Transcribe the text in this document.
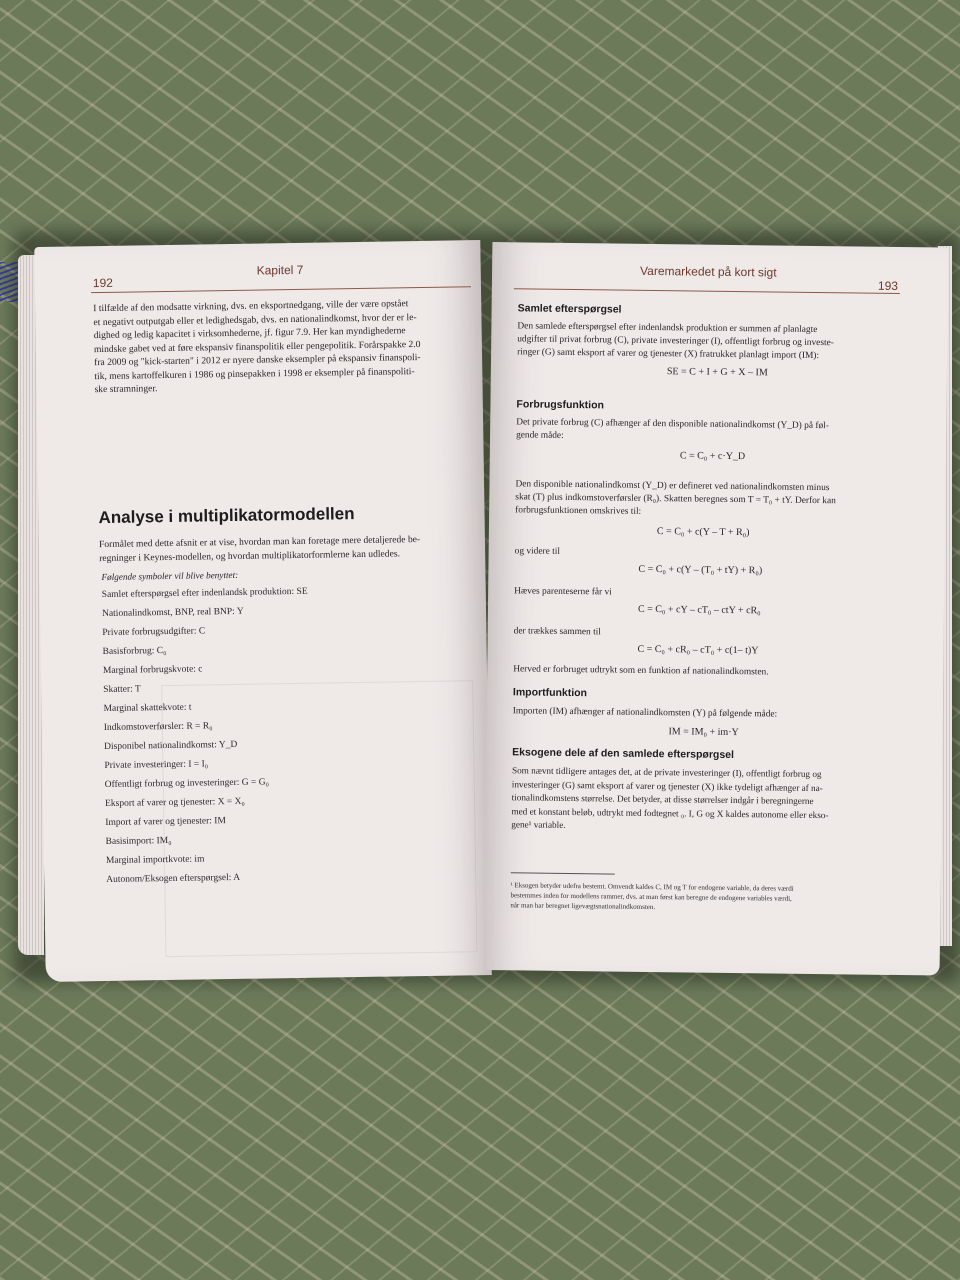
192
Kapitel 7
I tilfælde af den modsatte virkning, dvs. en eksportnedgang, ville der være opstået
et negativt outputgab eller et ledighedsgab, dvs. en nationalindkomst, hvor der er le-
dighed og ledig kapacitet i virksomhederne, jf. figur 7.9. Her kan myndighederne
mindske gabet ved at føre ekspansiv finanspolitik eller pengepolitik. Forårspakke 2.0
fra 2009 og "kick-starten" i 2012 er nyere danske eksempler på ekspansiv finanspoli-
tik, mens kartoffelkuren i 1986 og pinsepakken i 1998 er eksempler på finanspoliti-
ske stramninger.
Analyse i multiplikatormodellen
Formålet med dette afsnit er at vise, hvordan man kan foretage mere detaljerede be-
regninger i Keynes-modellen, og hvordan multiplikatorformlerne kan udledes.
Følgende symboler vil blive benyttet:
Samlet efterspørgsel efter indenlandsk produktion: SE
Nationalindkomst, BNP, real BNP: Y
Private forbrugsudgifter: C
Basisforbrug: C₀
Marginal forbrugskvote: c
Skatter: T
Marginal skattekvote: t
Indkomstoverførsler: R = R₀
Disponibel nationalindkomst: Y_D
Private investeringer: I = I₀
Offentligt forbrug og investeringer: G = G₀
Eksport af varer og tjenester: X = X₀
Import af varer og tjenester: IM
Basisimport: IM₀
Marginal importkvote: im
Autonom/Eksogen efterspørgsel: A
Varemarkedet på kort sigt
193
Samlet efterspørgsel
Den samlede efterspørgsel efter indenlandsk produktion er summen af planlagte
udgifter til privat forbrug (C), private investeringer (I), offentligt forbrug og investe-
ringer (G) samt eksport af varer og tjenester (X) fratrukket planlagt import (IM):
SE = C + I + G + X – IM
Forbrugsfunktion
Det private forbrug (C) afhænger af den disponible nationalindkomst (Y_D) på føl-
gende måde:
C = C₀ + c·Y_D
Den disponible nationalindkomst (Y_D) er defineret ved nationalindkomsten minus
skat (T) plus indkomstoverførsler (R₀). Skatten beregnes som T = T₀ + tY. Derfor kan
forbrugsfunktionen omskrives til:
C = C₀ + c(Y – T + R₀)
og videre til
C = C₀ + c(Y – (T₀ + tY) + R₀)
Hæves parenteserne får vi
C = C₀ + cY – cT₀ – ctY + cR₀
der trækkes sammen til
C = C₀ + cR₀ – cT₀ + c(1– t)Y
Herved er forbruget udtrykt som en funktion af nationalindkomsten.
Importfunktion
Importen (IM) afhænger af nationalindkomsten (Y) på følgende måde:
IM = IM₀ + im·Y
Eksogene dele af den samlede efterspørgsel
Som nævnt tidligere antages det, at de private investeringer (I), offentligt forbrug og
investeringer (G) samt eksport af varer og tjenester (X) ikke tydeligt afhænger af na-
tionalindkomstens størrelse. Det betyder, at disse størrelser indgår i beregningerne
med et konstant beløb, udtrykt med fodtegnet ₀. I, G og X kaldes autonome eller ekso-
gene¹ variable.
¹ Eksogen betyder udefra bestemt. Omvendt kaldes C, IM og T for endogene variable, da deres værdi
bestemmes inden for modellens rammer, dvs. at man først kan beregne de endogene variables værdi,
når man har beregnet ligevægtsnationalindkomsten.
